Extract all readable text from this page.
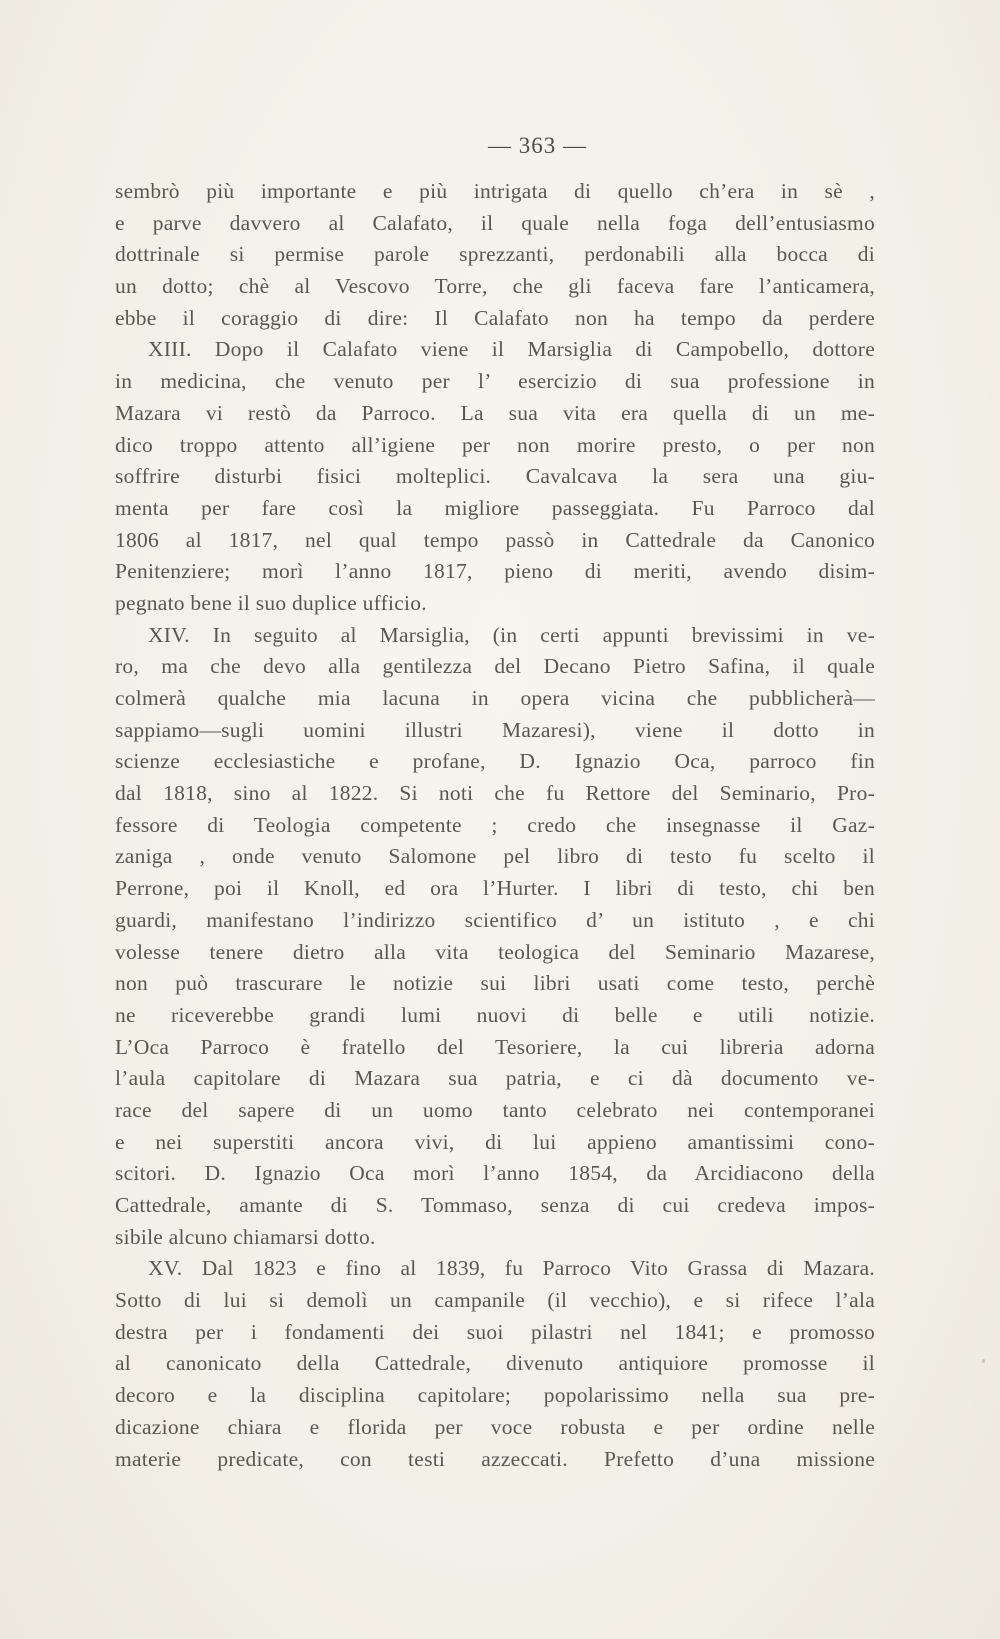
— 363 —
sembrò più importante e più intrigata di quello ch’era in sè ,
e parve davvero al Calafato, il quale nella foga dell’entusiasmo
dottrinale si permise parole sprezzanti, perdonabili alla bocca di
un dotto; chè al Vescovo Torre, che gli faceva fare l’anticamera,
ebbe il coraggio di dire: Il Calafato non ha tempo da perdere
XIII. Dopo il Calafato viene il Marsiglia di Campobello, dottore
in medicina, che venuto per l’ esercizio di sua professione in
Mazara vi restò da Parroco. La sua vita era quella di un me-
dico troppo attento all’igiene per non morire presto, o per non
soffrire disturbi fisici molteplici. Cavalcava la sera una giu-
menta per fare così la migliore passeggiata. Fu Parroco dal
1806 al 1817, nel qual tempo passò in Cattedrale da Canonico
Penitenziere; morì l’anno 1817, pieno di meriti, avendo disim-
pegnato bene il suo duplice ufficio.
XIV. In seguito al Marsiglia, (in certi appunti brevissimi in ve-
ro, ma che devo alla gentilezza del Decano Pietro Safina, il quale
colmerà qualche mia lacuna in opera vicina che pubblicherà—
sappiamo—sugli uomini illustri Mazaresi), viene il dotto in
scienze ecclesiastiche e profane, D. Ignazio Oca, parroco fin
dal 1818, sino al 1822. Si noti che fu Rettore del Seminario, Pro-
fessore di Teologia competente ; credo che insegnasse il Gaz-
zaniga , onde venuto Salomone pel libro di testo fu scelto il
Perrone, poi il Knoll, ed ora l’Hurter. I libri di testo, chi ben
guardi, manifestano l’indirizzo scientifico d’ un istituto , e chi
volesse tenere dietro alla vita teologica del Seminario Mazarese,
non può trascurare le notizie sui libri usati come testo, perchè
ne riceverebbe grandi lumi nuovi di belle e utili notizie.
L’Oca Parroco è fratello del Tesoriere, la cui libreria adorna
l’aula capitolare di Mazara sua patria, e ci dà documento ve-
race del sapere di un uomo tanto celebrato nei contemporanei
e nei superstiti ancora vivi, di lui appieno amantissimi cono-
scitori. D. Ignazio Oca morì l’anno 1854, da Arcidiacono della
Cattedrale, amante di S. Tommaso, senza di cui credeva impos-
sibile alcuno chiamarsi dotto.
XV. Dal 1823 e fino al 1839, fu Parroco Vito Grassa di Mazara.
Sotto di lui si demolì un campanile (il vecchio), e si rifece l’ala
destra per i fondamenti dei suoi pilastri nel 1841; e promosso
al canonicato della Cattedrale, divenuto antiquiore promosse il
decoro e la disciplina capitolare; popolarissimo nella sua pre-
dicazione chiara e florida per voce robusta e per ordine nelle
materie predicate, con testi azzeccati. Prefetto d’una missione
